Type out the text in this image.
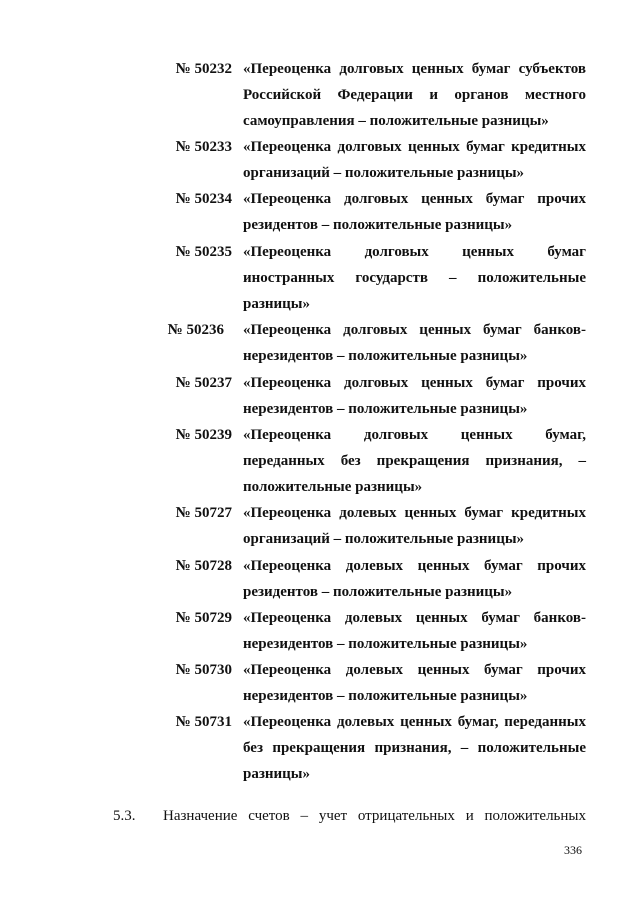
№ 50232 «Переоценка долговых ценных бумаг субъектов
Российской Федерации и органов местного
самоуправления – положительные разницы»
№ 50233 «Переоценка долговых ценных бумаг кредитных
организаций – положительные разницы»
№ 50234 «Переоценка долговых ценных бумаг прочих
резидентов – положительные разницы»
№ 50235 «Переоценка долговых ценных бумаг
иностранных государств – положительные
разницы»
№ 50236 «Переоценка долговых ценных бумаг банков-
нерезидентов – положительные разницы»
№ 50237 «Переоценка долговых ценных бумаг прочих
нерезидентов – положительные разницы»
№ 50239 «Переоценка долговых ценных бумаг,
переданных без прекращения признания, –
положительные разницы»
№ 50727 «Переоценка долевых ценных бумаг кредитных
организаций – положительные разницы»
№ 50728 «Переоценка долевых ценных бумаг прочих
резидентов – положительные разницы»
№ 50729 «Переоценка долевых ценных бумаг банков-
нерезидентов – положительные разницы»
№ 50730 «Переоценка долевых ценных бумаг прочих
нерезидентов – положительные разницы»
№ 50731 «Переоценка долевых ценных бумаг, переданных
без прекращения признания, – положительные
разницы»
5.3. Назначение счетов – учет отрицательных и положительных
336
